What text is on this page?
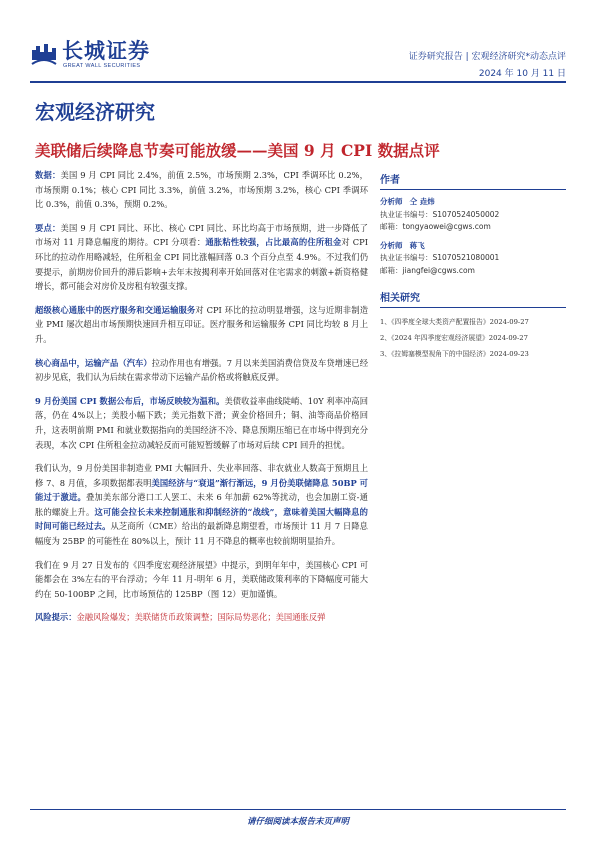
长城证券
GREAT WALL SECURITIES
证券研究报告 | 宏观经济研究*动态点评
2024 年 10 月 11 日
宏观经济研究
美联储后续降息节奏可能放缓——美国 9 月 CPI 数据点评

数据：美国 9 月 CPI 同比 2.4%，前值 2.5%，市场预期 2.3%，CPI 季调环比 0.2%，市场预期 0.1%；核心 CPI 同比 3.3%，前值 3.2%，市场预期 3.2%，核心 CPI 季调环比 0.3%，前值 0.3%，预期 0.2%。

要点：美国 9 月 CPI 同比、环比、核心 CPI 同比、环比均高于市场预期，进一步降低了市场对 11 月降息幅度的期待。CPI 分项看：通胀粘性较强，占比最高的住所租金对 CPI 环比的拉动作用略减轻，住所租金 CPI 同比涨幅回落 0.3 个百分点至 4.9%。不过我们仍要提示，前期房价回升的滞后影响+去年末按揭利率开始回落对住宅需求的刺激+新资格健增长，都可能会对房价及房租有较强支撑。

超级核心通胀中的医疗服务和交通运输服务对 CPI 环比的拉动明显增强，这与近期非制造业 PMI 屡次超出市场预期快速回升相互印证。医疗服务和运输服务 CPI 同比均较 8 月上升。

核心商品中，运输产品（汽车）拉动作用也有增强。7 月以来美国消费信贷及车贷增速已经初步见底，我们认为后续在需求带动下运输产品价格或将触底反弹。

9 月份美国 CPI 数据公布后，市场反映较为温和。美债收益率曲线陡峭、10Y 利率冲高回落，仍在 4%以上；美股小幅下跌；美元指数下滑；黄金价格回升；铜、油等商品价格回升，这表明前期 PMI 和就业数据指向的美国经济不冷、降息预期压缩已在市场中得到充分表现，本次 CPI 住所租金拉动减轻反而可能短暂缓解了市场对后续 CPI 回升的担忧。

我们认为，9 月份美国非制造业 PMI 大幅回升、失业率回落、非农就业人数高于预期且上修 7、8 月值，多项数据都表明美国经济与“衰退”渐行渐远，9 月份美联储降息 50BP 可能过于激进。叠加美东部分港口工人罢工、未来 6 年加薪 62%等扰动，也会加剧工资-通胀的螺旋上升。这可能会拉长未来控制通胀和抑制经济的“战线”，意味着美国大幅降息的时间可能已经过去。从芝商所（CME）给出的最新降息期望看，市场预计 11 月 7 日降息幅度为 25BP 的可能性在 80%以上，预计 11 月不降息的概率也较前期明显抬升。

我们在 9 月 27 日发布的《四季度宏观经济展望》中提示，到明年年中，美国核心 CPI 可能都会在 3%左右的平台浮动；今年 11 月-明年 6 月，美联储政策利率的下降幅度可能大约在 50-100BP 之间，比市场预估的 125BP（图 12）更加谨慎。

风险提示：金融风险爆发；美联储货币政策调整；国际局势恶化；美国通胀反弹

作者
分析师 仝 垚炜
执业证书编号：S1070524050002
邮箱：tongyaowei@cgws.com
分析师 蒋飞
执业证书编号：S1070521080001
邮箱：jiangfei@cgws.com
相关研究
1、《四季度全球大类资产配置报告》2024-09-27
2、《2024 年四季度宏观经济展望》2024-09-27
3、《拉姆塞模型视角下的中国经济》2024-09-23
请仔细阅读本报告末页声明
